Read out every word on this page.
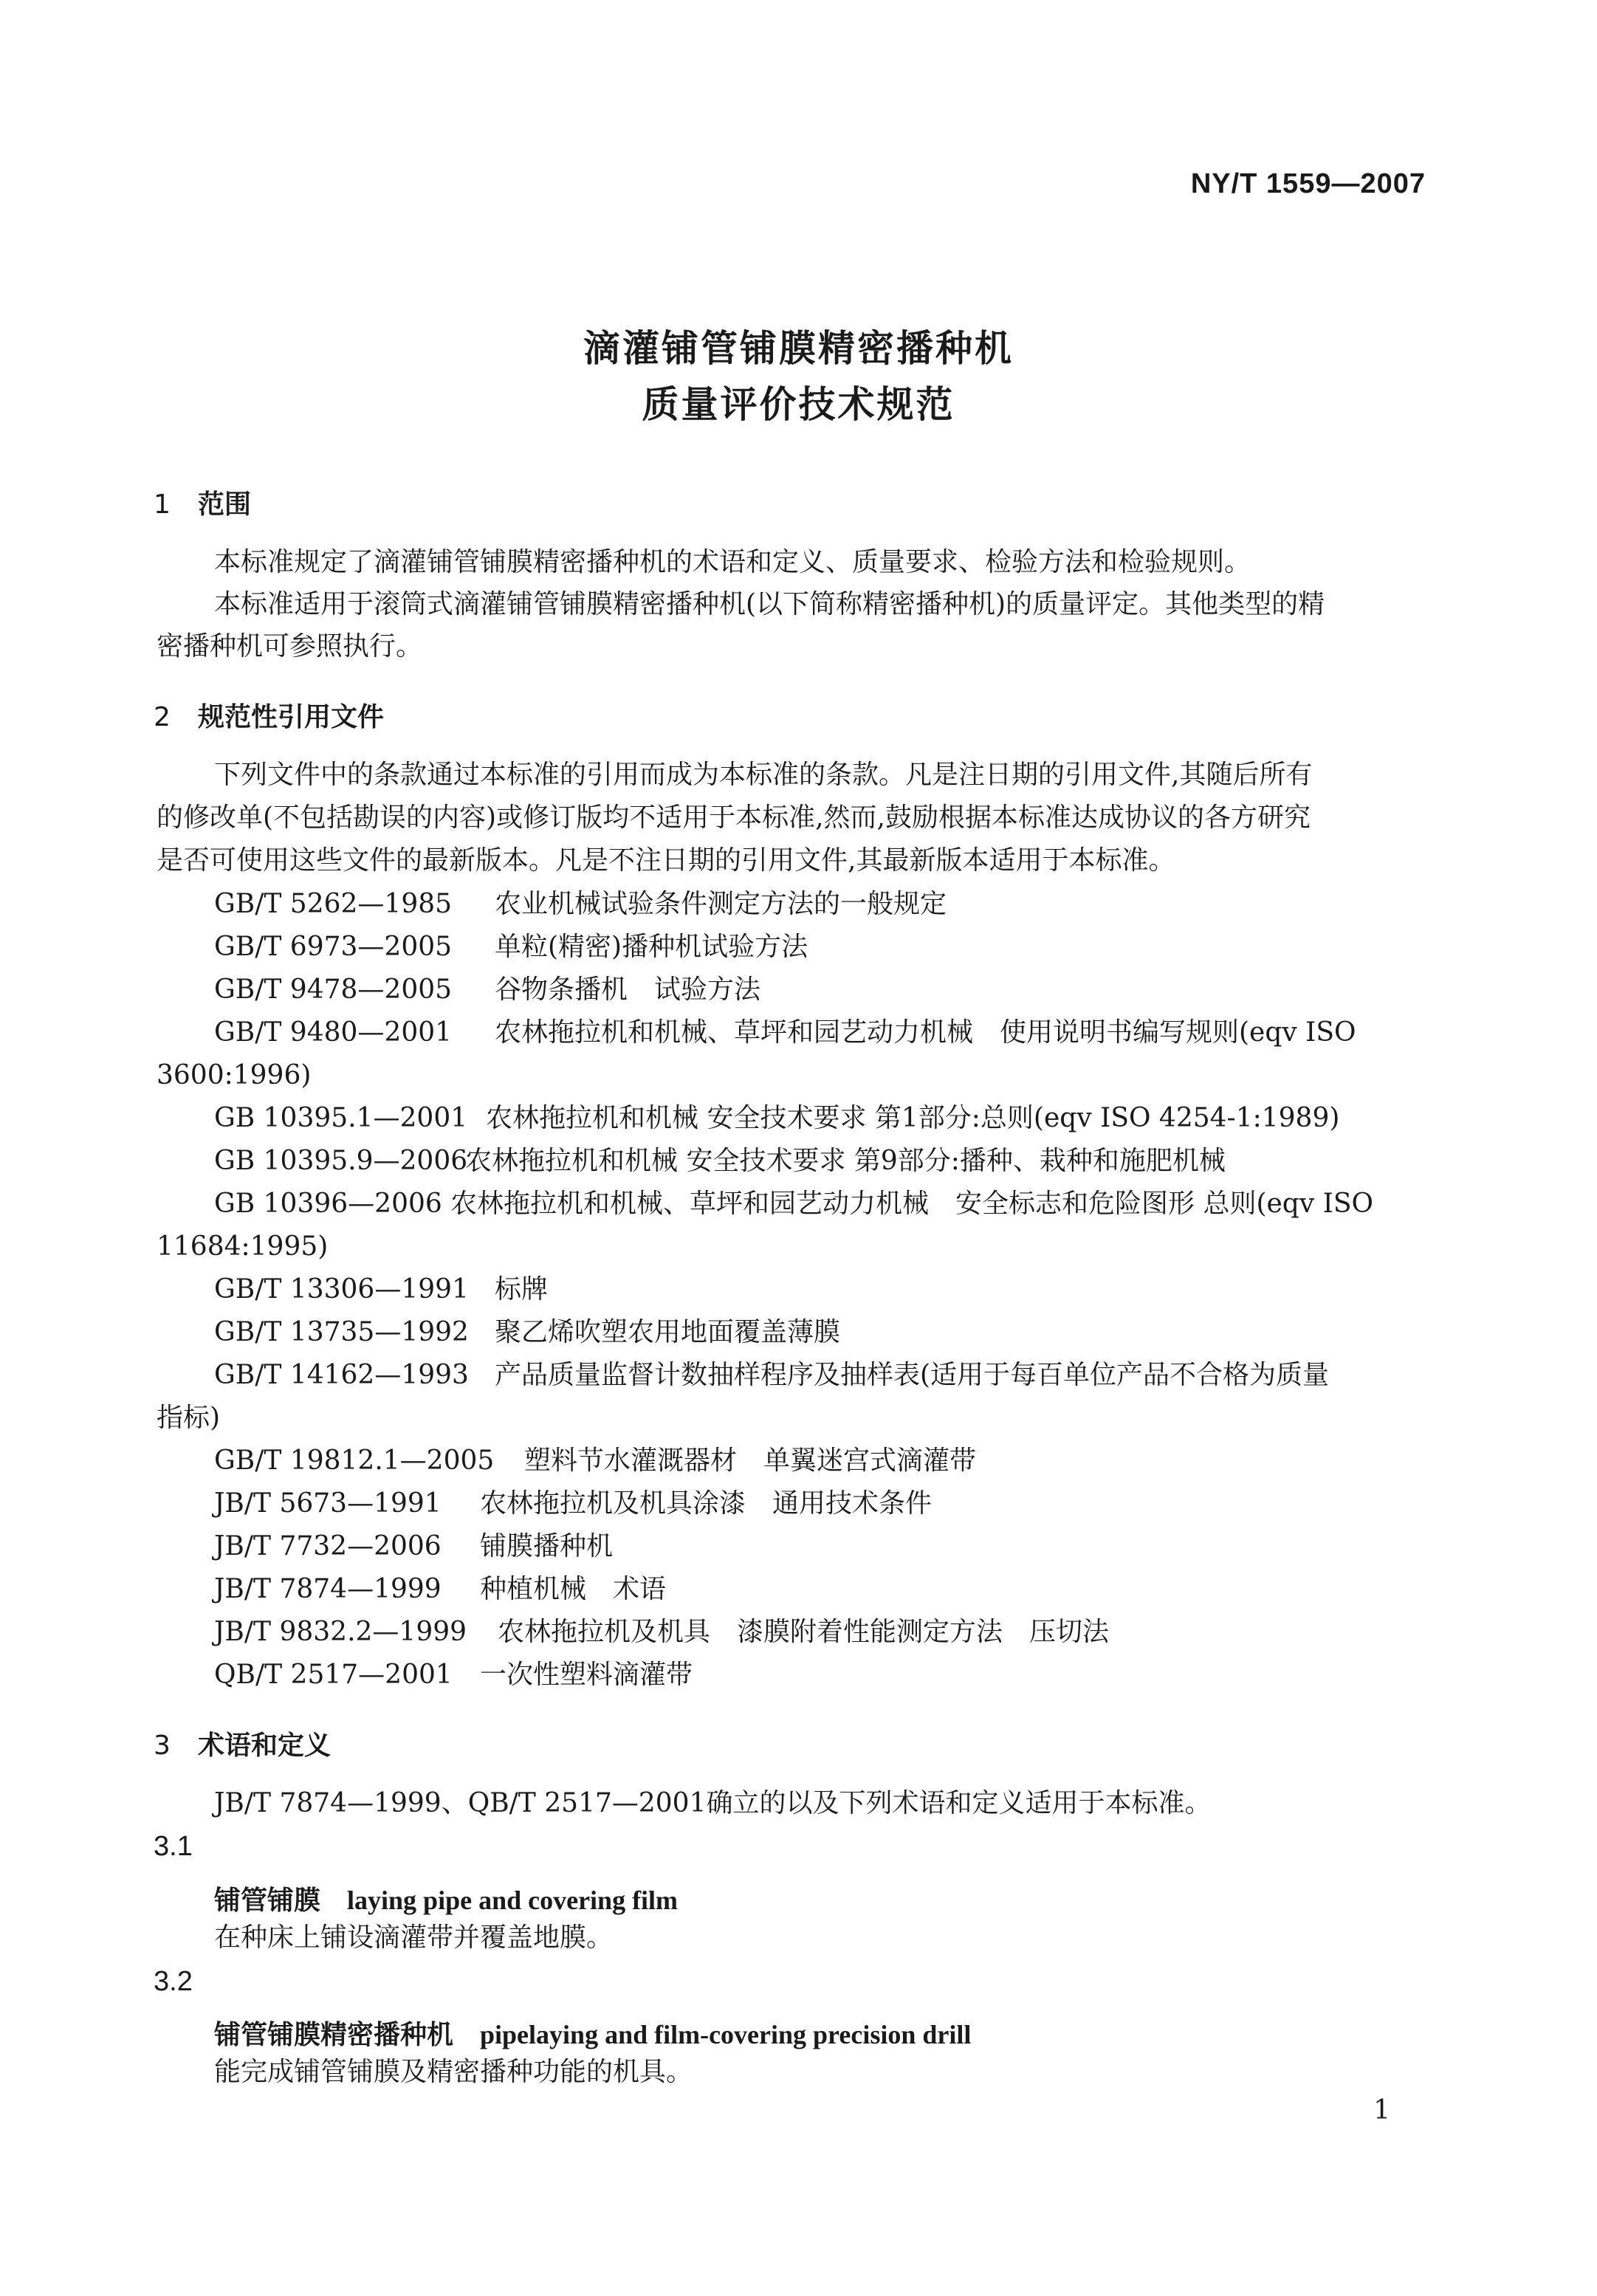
NY/T 1559—2007
滴灌铺管铺膜精密播种机
质量评价技术规范
1 范围
本标准规定了滴灌铺管铺膜精密播种机的术语和定义、质量要求、检验方法和检验规则。
本标准适用于滚筒式滴灌铺管铺膜精密播种机(以下简称精密播种机)的质量评定。其他类型的精
密播种机可参照执行。
2 规范性引用文件
下列文件中的条款通过本标准的引用而成为本标准的条款。凡是注日期的引用文件,其随后所有
的修改单(不包括勘误的内容)或修订版均不适用于本标准,然而,鼓励根据本标准达成协议的各方研究
是否可使用这些文件的最新版本。凡是不注日期的引用文件,其最新版本适用于本标准。
GB/T 5262—1985 农业机械试验条件测定方法的一般规定
GB/T 6973—2005 单粒(精密)播种机试验方法
GB/T 9478—2005 谷物条播机　试验方法
GB/T 9480—2001 农林拖拉机和机械、草坪和园艺动力机械　使用说明书编写规则(eqv ISO
3600:1996)
GB 10395.1—2001 农林拖拉机和机械 安全技术要求 第1部分:总则(eqv ISO 4254-1:1989)
GB 10395.9—2006农林拖拉机和机械 安全技术要求 第9部分:播种、栽种和施肥机械
GB 10396—2006 农林拖拉机和机械、草坪和园艺动力机械　安全标志和危险图形 总则(eqv ISO
11684:1995)
GB/T 13306—1991 标牌
GB/T 13735—1992 聚乙烯吹塑农用地面覆盖薄膜
GB/T 14162—1993 产品质量监督计数抽样程序及抽样表(适用于每百单位产品不合格为质量
指标)
GB/T 19812.1—2005 塑料节水灌溉器材　单翼迷宫式滴灌带
JB/T 5673—1991 农林拖拉机及机具涂漆　通用技术条件
JB/T 7732—2006 铺膜播种机
JB/T 7874—1999 种植机械　术语
JB/T 9832.2—1999 农林拖拉机及机具　漆膜附着性能测定方法　压切法
QB/T 2517—2001 一次性塑料滴灌带
3 术语和定义
JB/T 7874—1999、QB/T 2517—2001确立的以及下列术语和定义适用于本标准。
3.1
铺管铺膜 laying pipe and covering film
在种床上铺设滴灌带并覆盖地膜。
3.2
铺管铺膜精密播种机 pipelaying and film-covering precision drill
能完成铺管铺膜及精密播种功能的机具。
1
